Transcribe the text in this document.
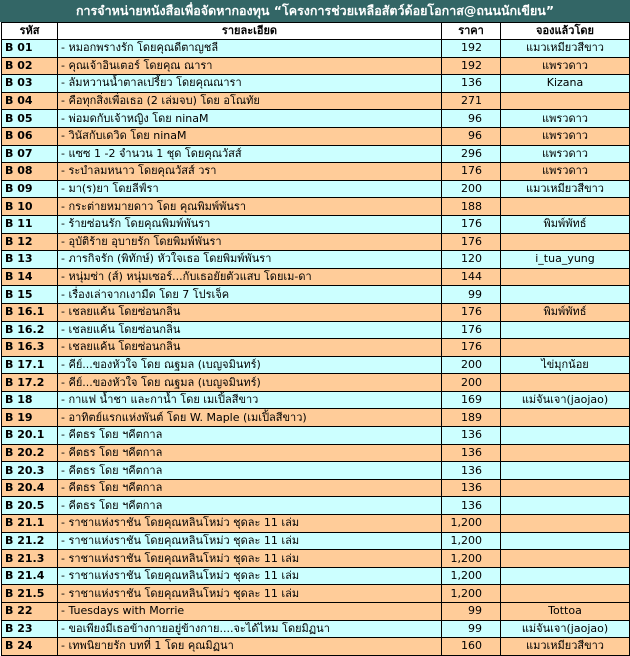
การจำหน่ายหนังสือเพื่อจัดหากองทุน “โครงการช่วยเหลือสัตว์ด้อยโอกาส@ถนนนักเขียน”
รหัส	รายละเอียด	ราคา	จองแล้วโดย
B 01	- หมอกพรางรัก โดยคุณดีตาญชลี	192	แมวเหมียวสีขาว
B 02	- คุณเจ้าอินเตอร์ โดยคุณ ณารา	192	แพรวดาว
B 03	- ลัมหวานน้ำตาลเปรี้ยว โดยคุณณารา	136	Kizana
B 04	- คือทุกสิ่งเพื่อเธอ (2 เล่มจบ) โดย อโณทัย	271	
B 05	- พ่อมดกับเจ้าหญิง โดย ninaM	96	แพรวดาว
B 06	- วินัสกับเดวิด โดย ninaM	96	แพรวดาว
B 07	- แซซ 1 -2 จำนวน 1 ชุด โดยคุณวัสส์	296	แพรวดาว
B 08	- ระบำลมหนาว โดยคุณวัสส์ วรา	176	แพรวดาว
B 09	- มา(ร)ยา โดยลีฟ์รา	200	แมวเหมียวสีขาว
B 10	- กระต่ายหมายดาว โดย คุณพิมพ์พันรา	188	
B 11	- ร้ายซ่อนรัก โดยคุณพิมพ์พันรา	176	พิมพ์พัทธ์
B 12	- อุบัติร้าย อุบายรัก โดยพิมพ์พันรา	176	
B 13	- ภารกิจรัก (พิทักษ์) หัวใจเธอ โดยพิมพ์พันรา	120	i_tua_yung
B 14	- หนุ่มซ่า (ส์) หนุ่มเซอร์...กับเธอยัยตัวแสบ โดยเม-ดา	144	
B 15	- เรื่องเล่าจากเงามืด โดย 7 โปรเจ็ค	99	
B 16.1	- เชลยแค้น โดยซ่อนกลิ่น	176	พิมพ์พัทธ์
B 16.2	- เชลยแค้น โดยซ่อนกลิ่น	176	
B 16.3	- เชลยแค้น โดยซ่อนกลิ่น	176	
B 17.1	- คีย์...ของหัวใจ โดย ณฐมล (เบญจมินทร์)	200	ไข่มุกน้อย
B 17.2	- คีย์...ของหัวใจ โดย ณฐมล (เบญจมินทร์)	200	
B 18	- กาแฟ น้ำชา และกาน้ำ โดย เมเปิ้ลสีขาว	169	แม่จันเจา(jaojao)
B 19	- อาทิตย์แรกแห่งพันต์ โดย W. Maple (เมเปิ้ลสีขาว)	189	
B 20.1	- คีตธร โดย ฯคีตกาล	136	
B 20.2	- คีตธร โดย ฯคีตกาล	136	
B 20.3	- คีตธร โดย ฯคีตกาล	136	
B 20.4	- คีตธร โดย ฯคีตกาล	136	
B 20.5	- คีตธร โดย ฯคีตกาล	136	
B 21.1	- ราชาแห่งราชัน โดยคุณหลินโหม่ว ชุดละ 11 เล่ม	1,200	
B 21.2	- ราชาแห่งราชัน โดยคุณหลินโหม่ว ชุดละ 11 เล่ม	1,200	
B 21.3	- ราชาแห่งราชัน โดยคุณหลินโหม่ว ชุดละ 11 เล่ม	1,200	
B 21.4	- ราชาแห่งราชัน โดยคุณหลินโหม่ว ชุดละ 11 เล่ม	1,200	
B 21.5	- ราชาแห่งราชัน โดยคุณหลินโหม่ว ชุดละ 11 เล่ม	1,200	
B 22	- Tuesdays with Morrie	99	Tottoa
B 23	- ขอเพียงมีเธอข้างกายอยู่ข้างกาย....จะได้ไหม โดยมิฏนา	99	แม่จันเจา(jaojao)
B 24	- เทพนิยายรัก บทที่ 1 โดย คุณมิฏนา	160	แมวเหมียวสีขาว
